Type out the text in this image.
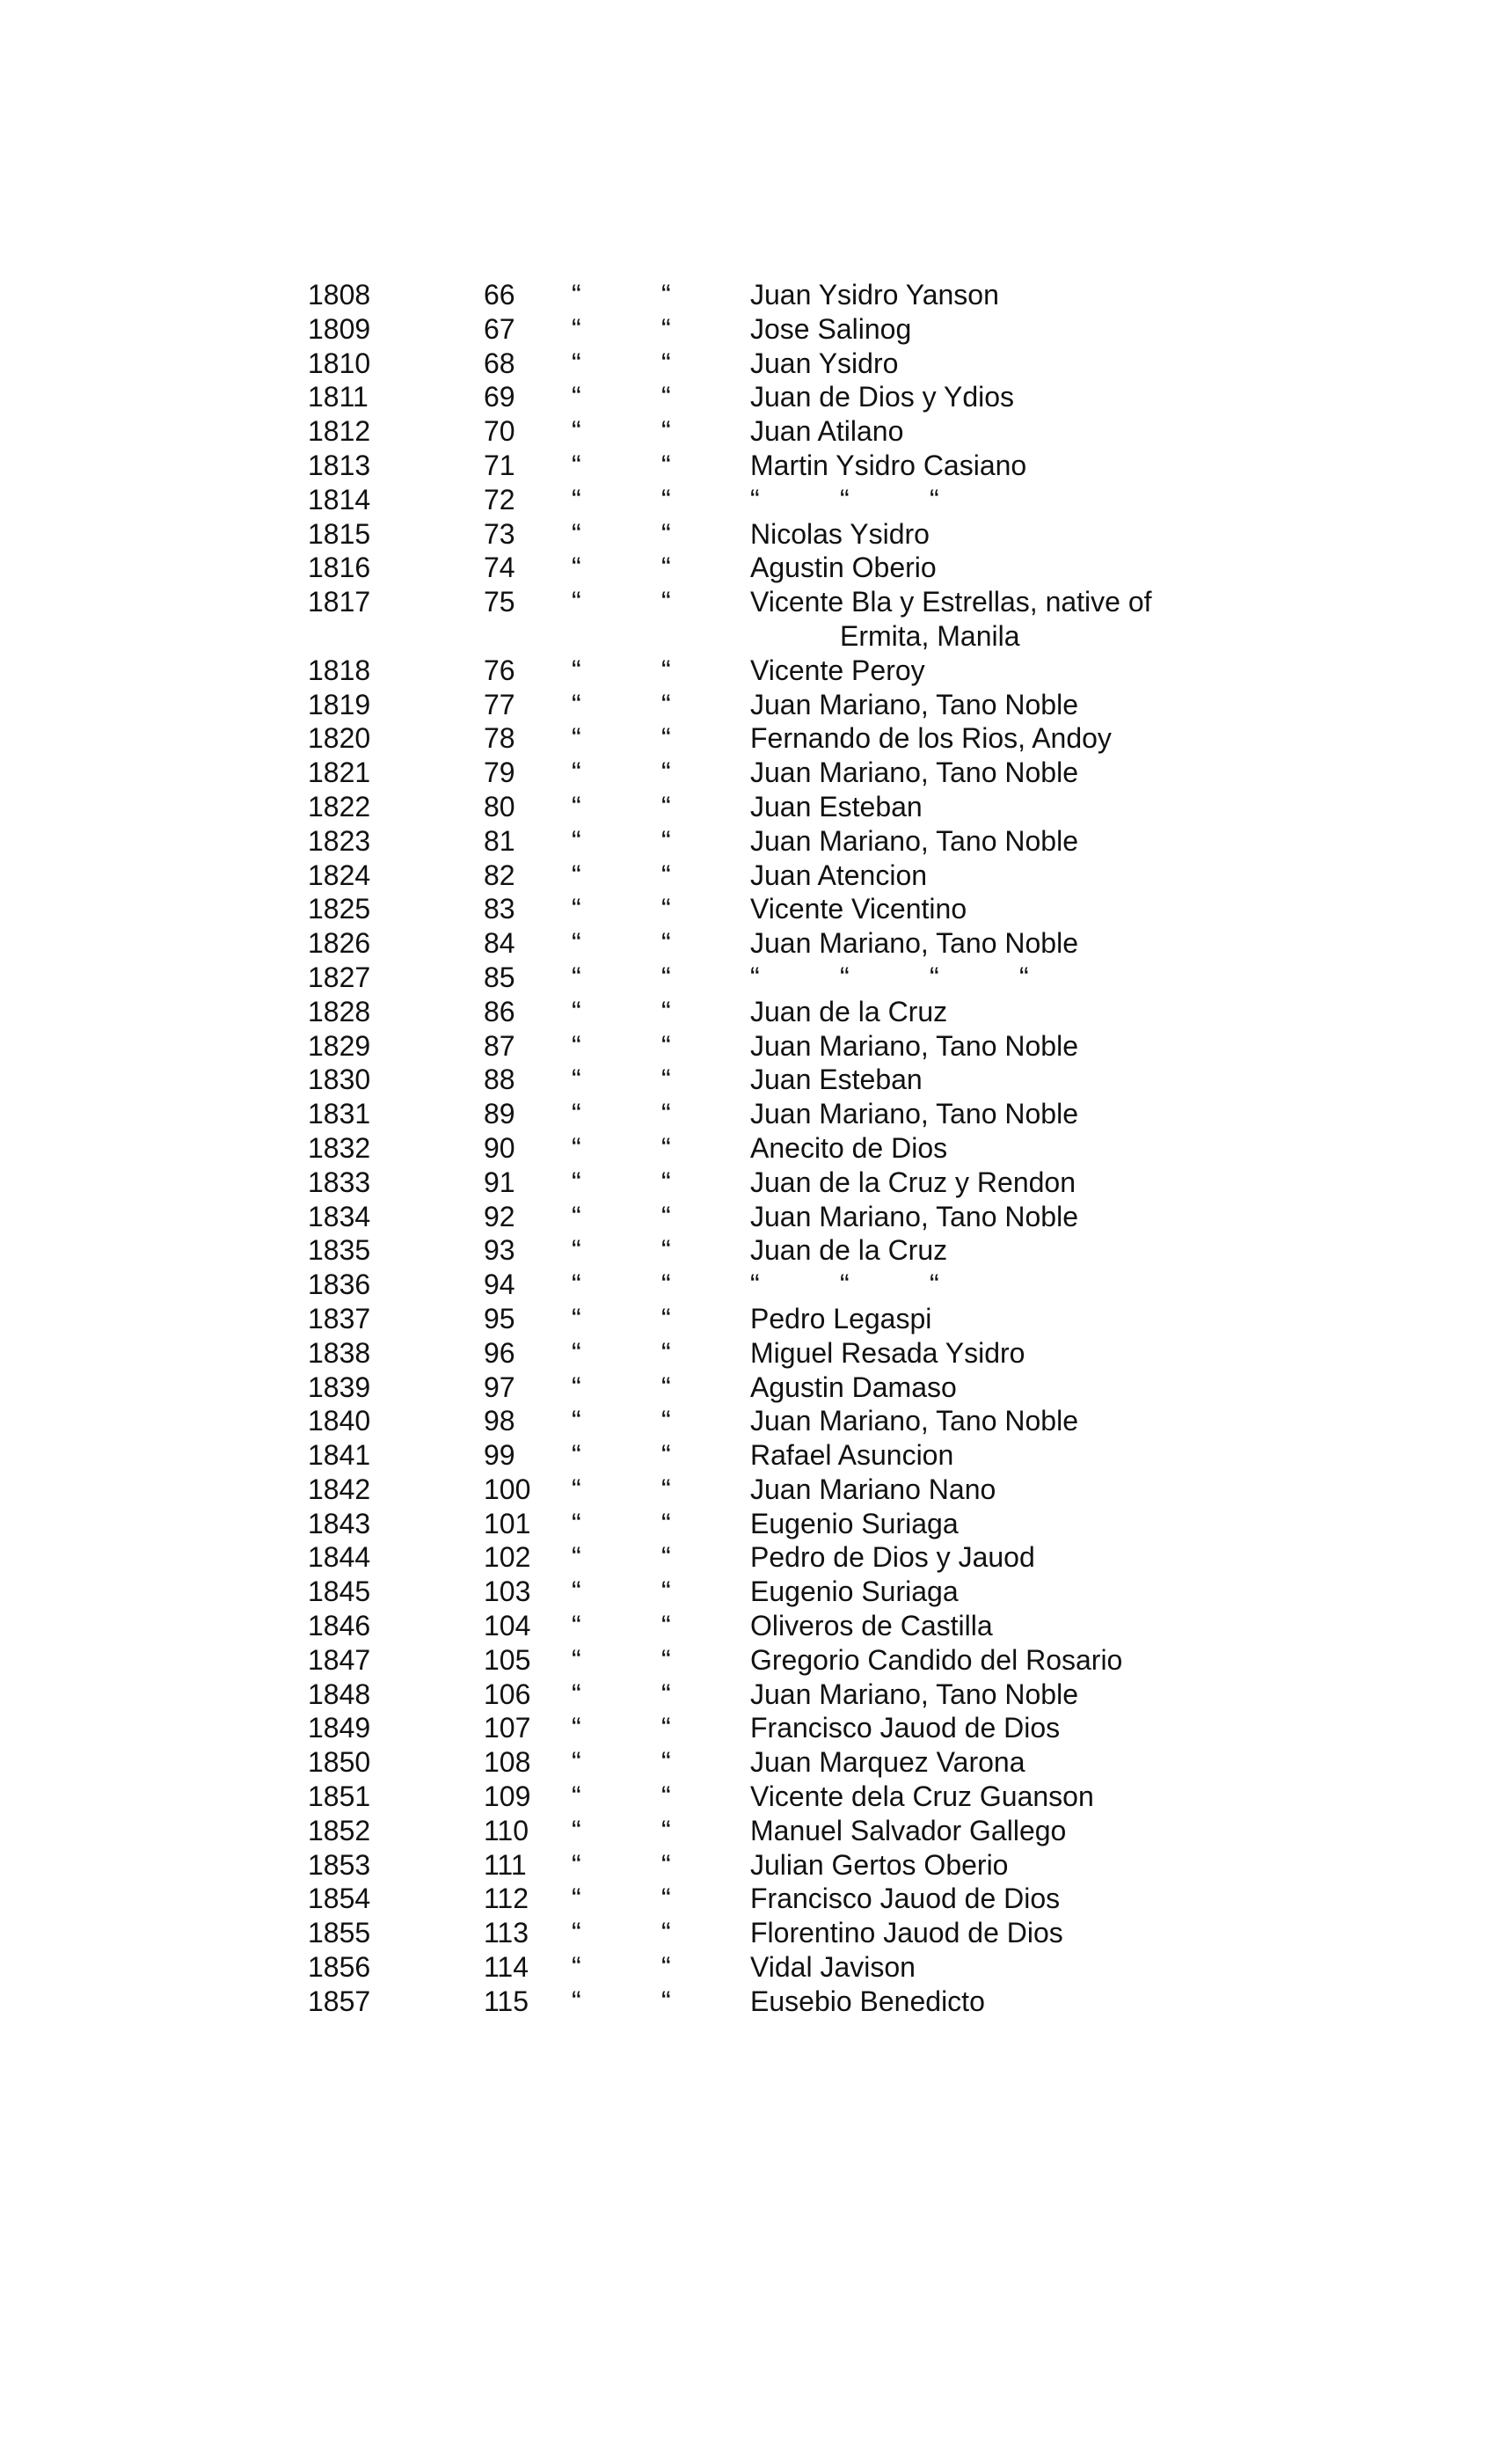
1808	66 “	“	Juan Ysidro Yanson
1809	67 “	“	Jose Salinog
1810	68 “	“	Juan Ysidro
1811	69 “	“	Juan de Dios y Ydios
1812	70 “	“	Juan Atilano
1813	71 “	“	Martin Ysidro Casiano
1814	72 “	“	“	“	“
1815	73 “	“	Nicolas Ysidro
1816	74 “	“	Agustin Oberio
1817	75 “	“	Vicente Bla y Estrellas, native of
Ermita, Manila
1818	76 “	“	Vicente Peroy
1819	77 “	“	Juan Mariano, Tano Noble
1820	78 “	“	Fernando de los Rios, Andoy
1821	79 “	“	Juan Mariano, Tano Noble
1822	80 “	“	Juan Esteban
1823	81 “	“	Juan Mariano, Tano Noble
1824	82 “	“	Juan Atencion
1825	83 “	“	Vicente Vicentino
1826	84 “	“	Juan Mariano, Tano Noble
1827	85 “	“	“	“	“	“
1828	86 “	“	Juan de la Cruz
1829	87 “	“	Juan Mariano, Tano Noble
1830	88 “	“	Juan Esteban
1831	89 “	“	Juan Mariano, Tano Noble
1832	90 “	“	Anecito de Dios
1833	91 “	“	Juan de la Cruz y Rendon
1834	92 “	“	Juan Mariano, Tano Noble
1835	93 “	“	Juan de la Cruz
1836	94 “	“	“	“	“
1837	95 “	“	Pedro Legaspi
1838	96 “	“	Miguel Resada Ysidro
1839	97 “	“	Agustin Damaso
1840	98 “	“	Juan Mariano, Tano Noble
1841	99 “	“	Rafael Asuncion
1842	100 “	“	Juan Mariano Nano
1843	101 “	“	Eugenio Suriaga
1844	102 “	“	Pedro de Dios y Jauod
1845	103 “	“	Eugenio Suriaga
1846	104 “	“	Oliveros de Castilla
1847	105 “	“	Gregorio Candido del Rosario
1848	106 “	“	Juan Mariano, Tano Noble
1849	107 “	“	Francisco Jauod de Dios
1850	108 “	“	Juan Marquez Varona
1851	109 “	“	Vicente dela Cruz Guanson
1852	110 “	“	Manuel Salvador Gallego
1853	111 “	“	Julian Gertos Oberio
1854	112 “	“	Francisco Jauod de Dios
1855	113 “	“	Florentino Jauod de Dios
1856	114 “	“	Vidal Javison
1857	115 “	“	Eusebio Benedicto
